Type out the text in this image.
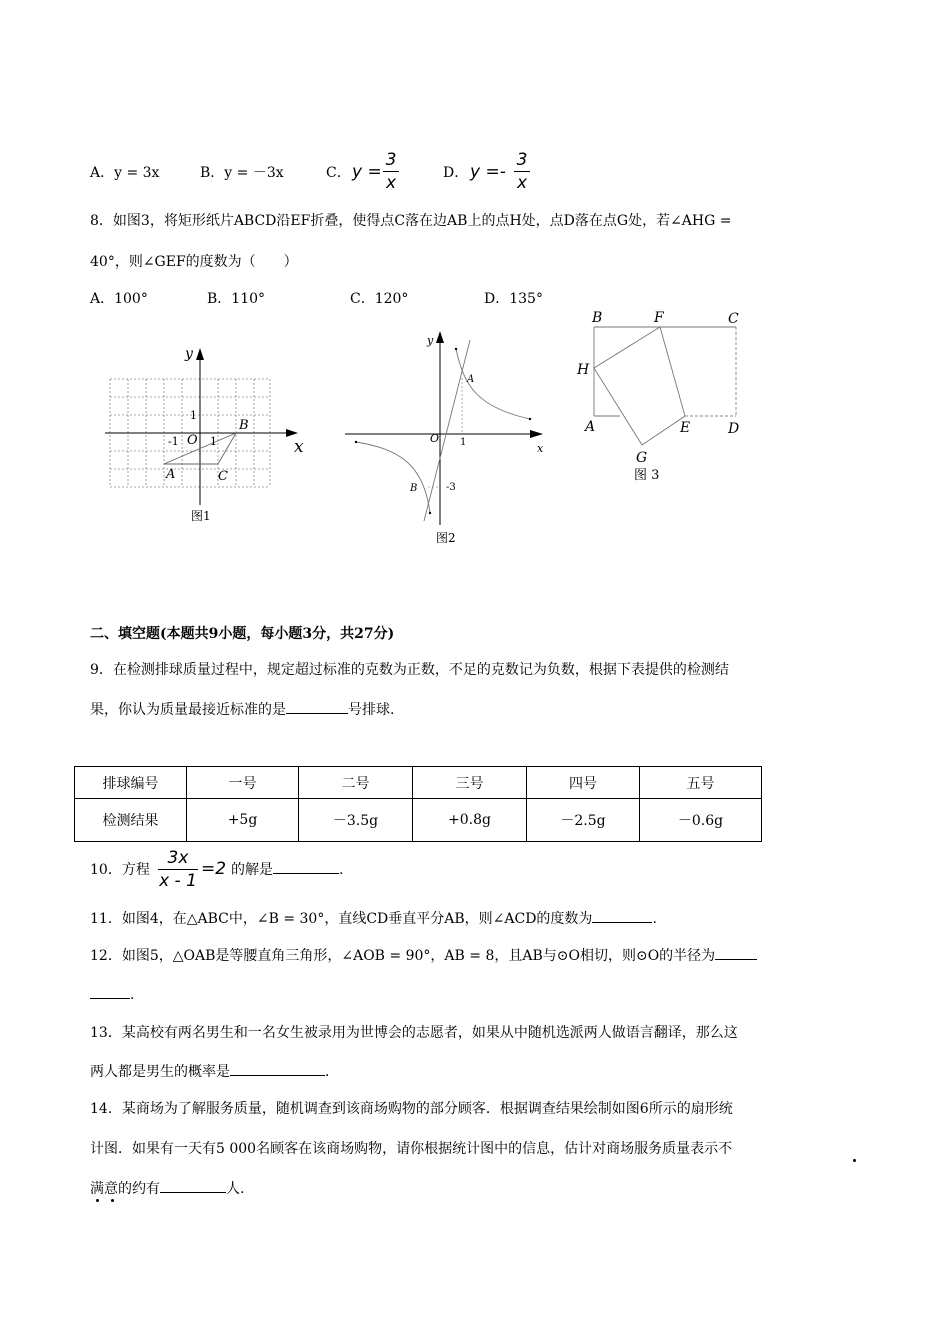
A．y = 3x	B．y = －3x	C． y =
3
x	D． y =-
3
x
8．如图3，将矩形纸片ABCD沿EF折叠，使得点C落在边AB上的点H处，点D落在点G处，若∠AHG =
40°，则∠GEF的度数为（　　）
A．100°	B．110°	C．120°	D．135°
y
x
1
-1 O 1
B
A	C
图1
y
x
O 1
-3
A
B
图2
B	F	C
H
A	E	D
G
图 3
二、填空题(本题共9小题，每小题3分，共27分)
9．在检测排球质量过程中，规定超过标准的克数为正数，不足的克数记为负数，根据下表提供的检测结
果，你认为质量最接近标准的是	号排球.
排球编号	一号	二号	三号	四号	五号
检测结果	+5g	－3.5g	+0.8g	－2.5g	－0.6g
10．方程
3x
x - 1
=2 的解是	.
11．如图4，在△ABC中，∠B = 30°，直线CD垂直平分AB，则∠ACD的度数为	.
12．如图5，△OAB是等腰直角三角形，∠AOB = 90°，AB = 8，且AB与⊙O相切，则⊙O的半径为
.
13．某高校有两名男生和一名女生被录用为世博会的志愿者，如果从中随机选派两人做语言翻译，那么这
两人都是男生的概率是	.
14．某商场为了解服务质量，随机调查到该商场购物的部分顾客．根据调查结果绘制如图6所示的扇形统
计图．如果有一天有5 000名顾客在该商场购物，请你根据统计图中的信息，估计对商场服务质量表示不
满意的约有	人.
